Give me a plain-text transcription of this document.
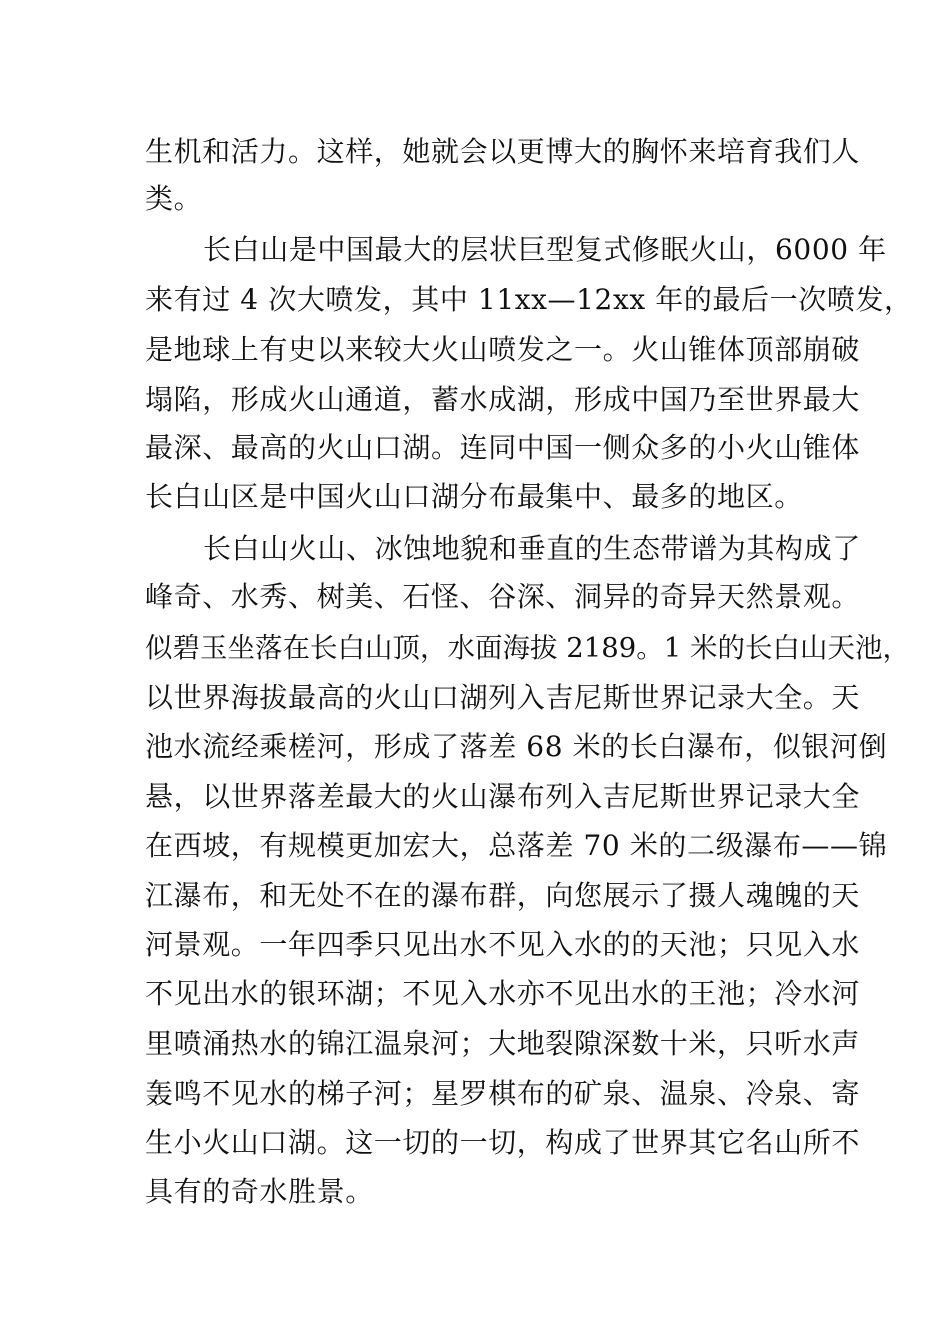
生机和活力。这样，她就会以更博大的胸怀来培育我们人
类。
长白山是中国最大的层状巨型复式修眠火山，6000 年
来有过 4 次大喷发，其中 11xx—12xx 年的最后一次喷发，
是地球上有史以来较大火山喷发之一。火山锥体顶部崩破
塌陷，形成火山通道，蓄水成湖，形成中国乃至世界最大
最深、最高的火山口湖。连同中国一侧众多的小火山锥体
长白山区是中国火山口湖分布最集中、最多的地区。
长白山火山、冰蚀地貌和垂直的生态带谱为其构成了
峰奇、水秀、树美、石怪、谷深、洞异的奇异天然景观。
似碧玉坐落在长白山顶，水面海拔 2189。1 米的长白山天池，
以世界海拔最高的火山口湖列入吉尼斯世界记录大全。天
池水流经乘槎河，形成了落差 68 米的长白瀑布，似银河倒
悬，以世界落差最大的火山瀑布列入吉尼斯世界记录大全
在西坡，有规模更加宏大，总落差 70 米的二级瀑布——锦
江瀑布，和无处不在的瀑布群，向您展示了摄人魂魄的天
河景观。一年四季只见出水不见入水的的天池；只见入水
不见出水的银环湖；不见入水亦不见出水的王池；冷水河
里喷涌热水的锦江温泉河；大地裂隙深数十米，只听水声
轰鸣不见水的梯子河；星罗棋布的矿泉、温泉、冷泉、寄
生小火山口湖。这一切的一切，构成了世界其它名山所不
具有的奇水胜景。
